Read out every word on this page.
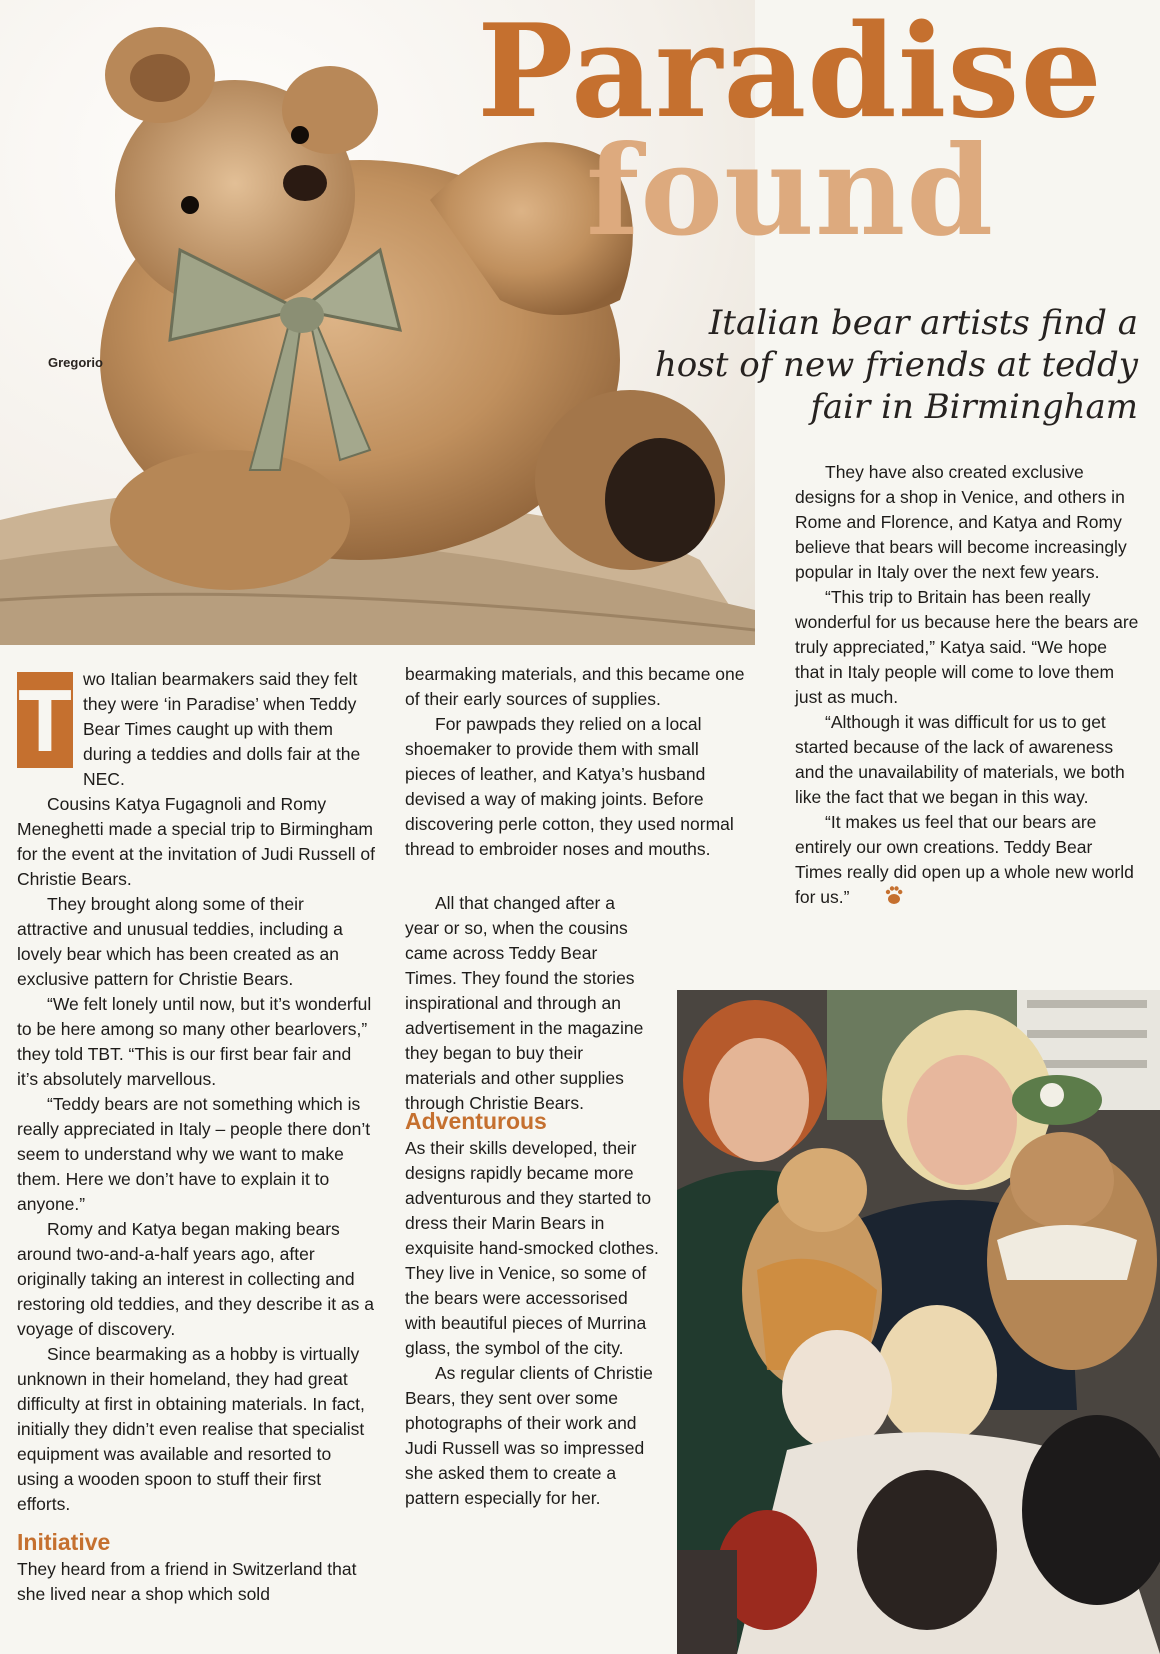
Gregorio
Paradise
found
Italian bear artists find a host of new friends at teddy fair in Birmingham

T wo Italian bearmakers said they felt they were ‘in Paradise’ when Teddy Bear Times caught up with them during a teddies and dolls fair at the NEC.

Cousins Katya Fugagnoli and Romy Meneghetti made a special trip to Birmingham for the event at the invitation of Judi Russell of Christie Bears.

They brought along some of their attractive and unusual teddies, including a lovely bear which has been created as an exclusive pattern for Christie Bears.

“We felt lonely until now, but it’s wonderful to be here among so many other bearlovers,” they told TBT. “This is our first bear fair and it’s absolutely marvellous.

“Teddy bears are not something which is really appreciated in Italy – people there don’t seem to understand why we want to make them. Here we don’t have to explain it to anyone.”

Romy and Katya began making bears around two-and-a-half years ago, after originally taking an interest in collecting and restoring old teddies, and they describe it as a voyage of discovery.

Since bearmaking as a hobby is virtually unknown in their homeland, they had great difficulty at first in obtaining materials. In fact, initially they didn’t even realise that specialist equipment was available and resorted to using a wooden spoon to stuff their first efforts.

Initiative

They heard from a friend in Switzerland that she lived near a shop which sold

bearmaking materials, and this became one of their early sources of supplies.

For pawpads they relied on a local shoemaker to provide them with small pieces of leather, and Katya’s husband devised a way of making joints. Before discovering perle cotton, they used normal thread to embroider noses and mouths.

All that changed after a year or so, when the cousins came across Teddy Bear Times. They found the stories inspirational and through an advertisement in the magazine they began to buy their materials and other supplies through Christie Bears.

Adventurous

As their skills developed, their designs rapidly became more adventurous and they started to dress their Marin Bears in exquisite hand-smocked clothes. They live in Venice, so some of the bears were accessorised with beautiful pieces of Murrina glass, the symbol of the city.

As regular clients of Christie Bears, they sent over some photographs of their work and Judi Russell was so impressed she asked them to create a pattern especially for her.

They have also created exclusive designs for a shop in Venice, and others in Rome and Florence, and Katya and Romy believe that bears will become increasingly popular in Italy over the next few years.

“This trip to Britain has been really wonderful for us because here the bears are truly appreciated,” Katya said. “We hope that in Italy people will come to love them just as much.

“Although it was difficult for us to get started because of the lack of awareness and the unavailability of materials, we both like the fact that we began in this way.

“It makes us feel that our bears are entirely our own creations. Teddy Bear Times really did open up a whole new world for us.”
